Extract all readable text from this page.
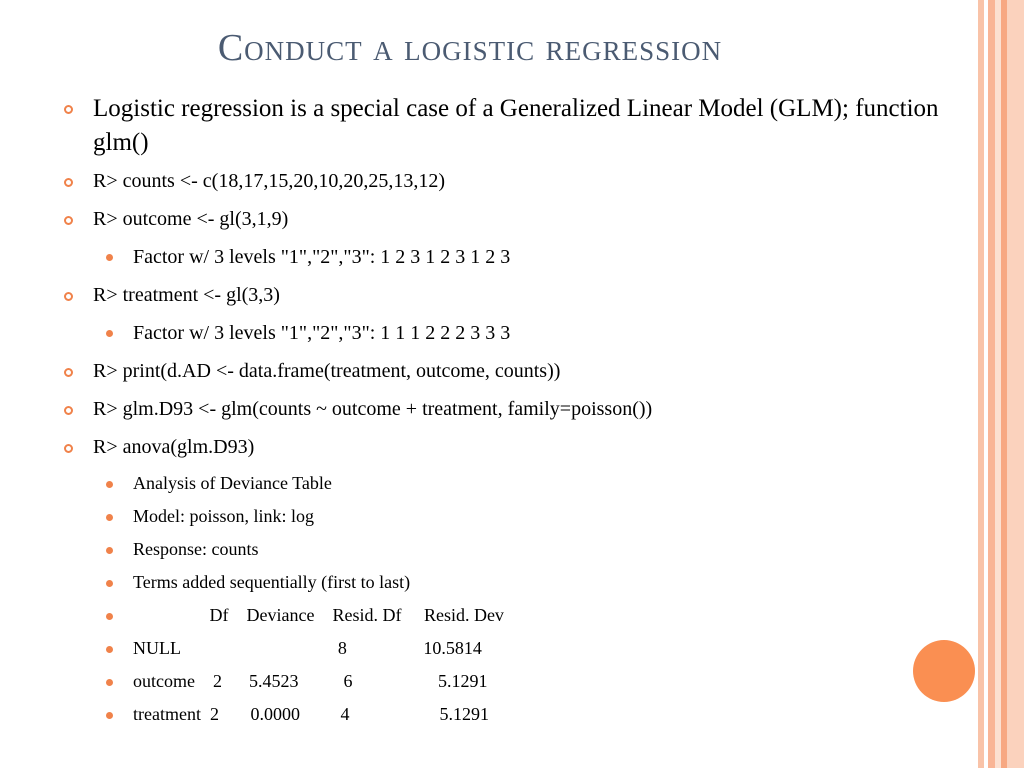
Conduct a logistic regression
Logistic regression is a special case of a Generalized Linear Model (GLM); function glm()
R> counts <- c(18,17,15,20,10,20,25,13,12)
R> outcome <- gl(3,1,9)
Factor w/ 3 levels "1","2","3": 1 2 3 1 2 3 1 2 3
R> treatment <- gl(3,3)
Factor w/ 3 levels "1","2","3": 1 1 1 2 2 2 3 3 3
R> print(d.AD <- data.frame(treatment, outcome, counts))
R> glm.D93 <- glm(counts ~ outcome + treatment, family=poisson())
R> anova(glm.D93)
Analysis of Deviance Table
Model: poisson, link: log
Response: counts
Terms added sequentially (first to last)
Df    Deviance    Resid. Df     Resid. Dev
NULL                                   8                 10.5814
outcome    2      5.4523          6                   5.1291
treatment  2       0.0000         4                    5.1291
